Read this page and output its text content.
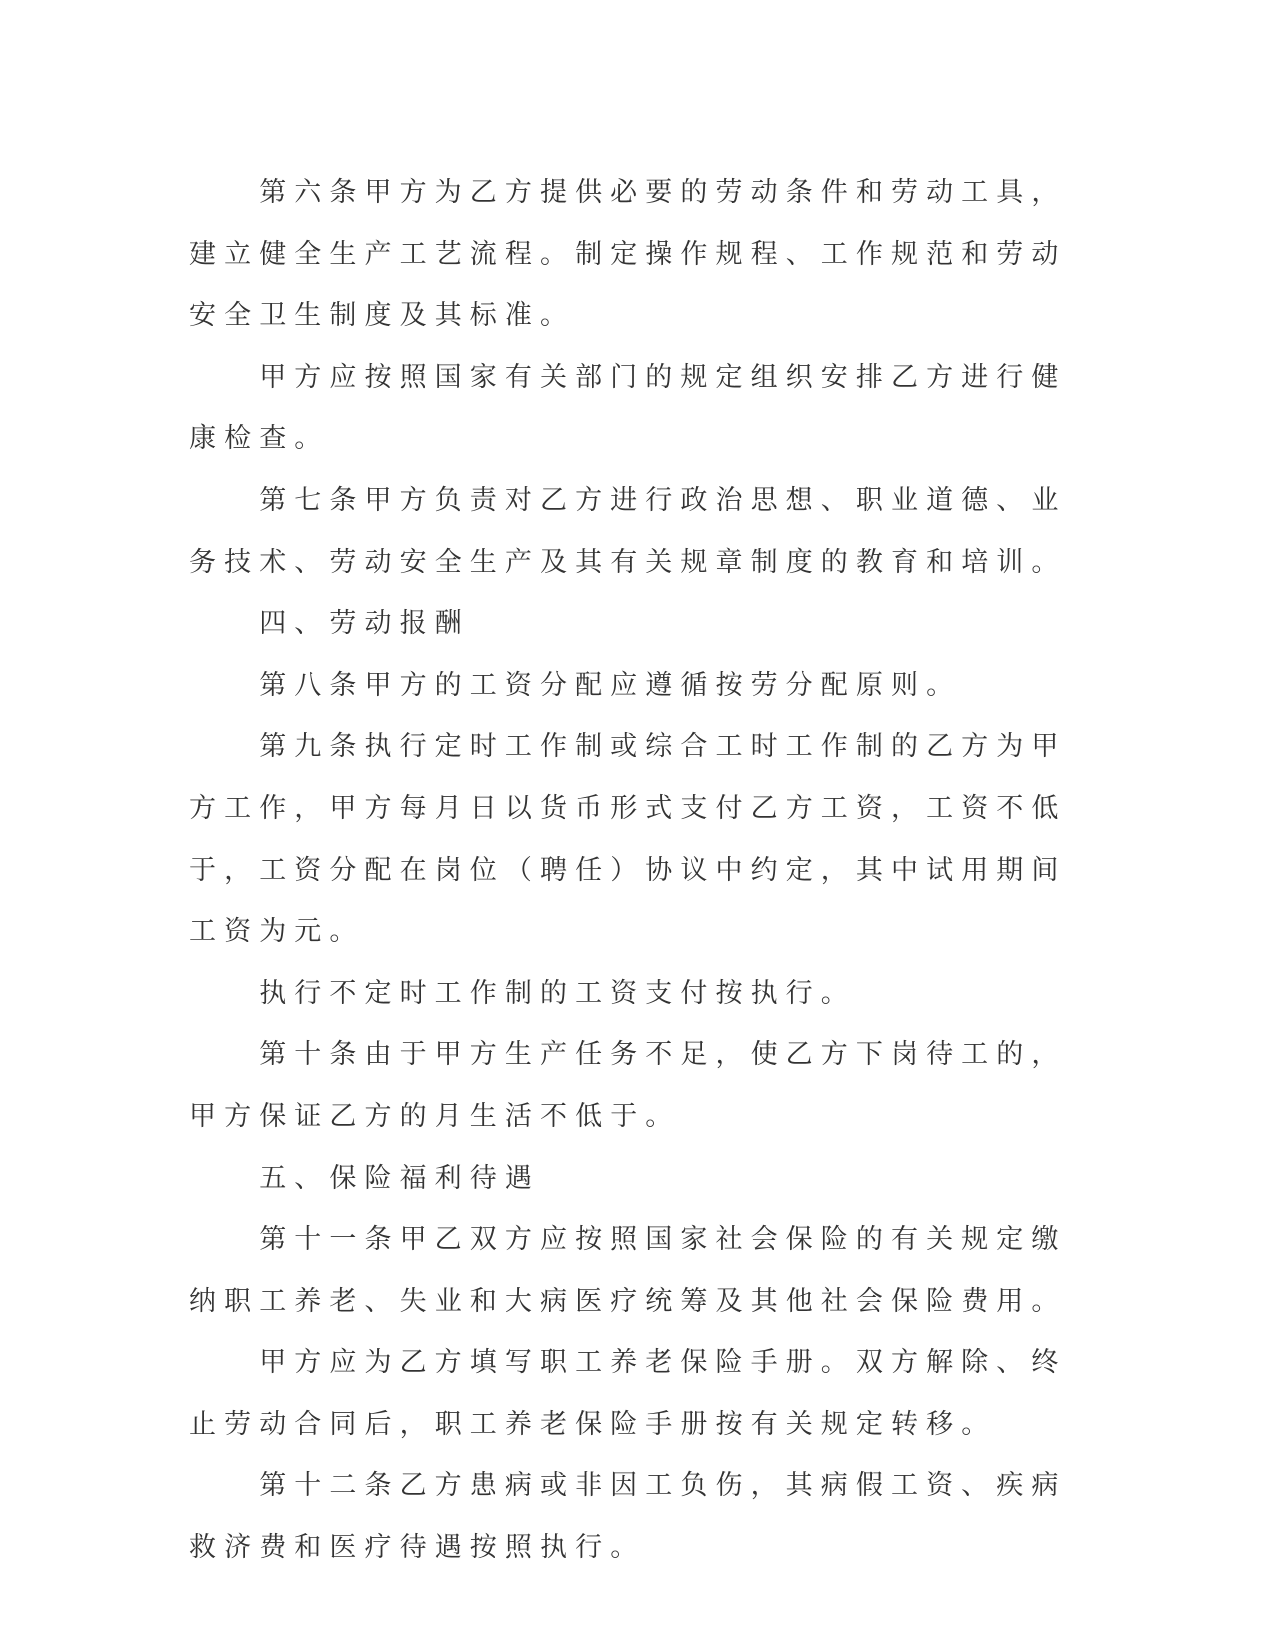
第六条甲方为乙方提供必要的劳动条件和劳动工具，建立健全生产工艺流程。制定操作规程、工作规范和劳动安全卫生制度及其标准。

甲方应按照国家有关部门的规定组织安排乙方进行健康检查。

第七条甲方负责对乙方进行政治思想、职业道德、业务技术、劳动安全生产及其有关规章制度的教育和培训。

四、劳动报酬

第八条甲方的工资分配应遵循按劳分配原则。

第九条执行定时工作制或综合工时工作制的乙方为甲方工作，甲方每月日以货币形式支付乙方工资，工资不低于，工资分配在岗位（聘任）协议中约定，其中试用期间工资为元。

执行不定时工作制的工资支付按执行。

第十条由于甲方生产任务不足，使乙方下岗待工的，甲方保证乙方的月生活不低于。

五、保险福利待遇

第十一条甲乙双方应按照国家社会保险的有关规定缴纳职工养老、失业和大病医疗统筹及其他社会保险费用。

甲方应为乙方填写职工养老保险手册。双方解除、终止劳动合同后，职工养老保险手册按有关规定转移。

第十二条乙方患病或非因工负伤，其病假工资、疾病救济费和医疗待遇按照执行。
